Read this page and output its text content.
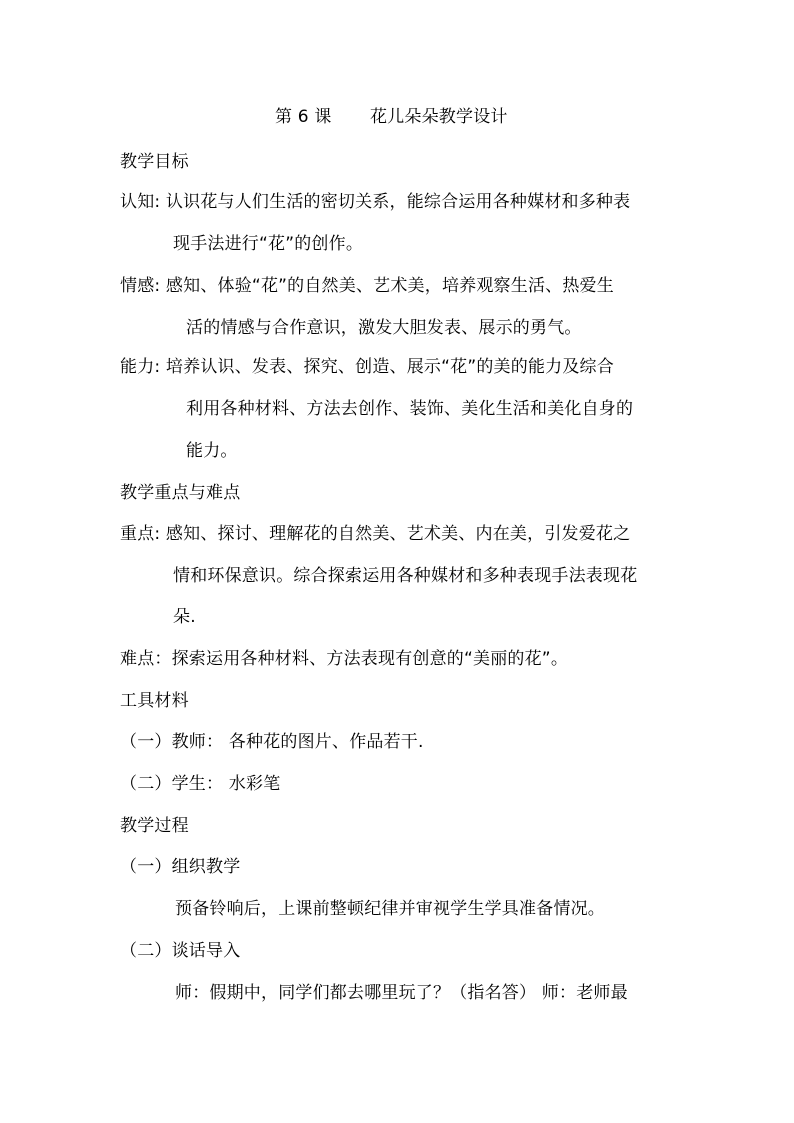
第 6 课 花儿朵朵教学设计
教学目标
认知: 认识花与人们生活的密切关系，能综合运用各种媒材和多种表
现手法进行“花”的创作。
情感: 感知、体验“花”的自然美、艺术美，培养观察生活、热爱生
活的情感与合作意识，激发大胆发表、展示的勇气。
能力: 培养认识、发表、探究、创造、展示“花”的美的能力及综合
利用各种材料、方法去创作、装饰、美化生活和美化自身的
能力。
教学重点与难点
重点: 感知、探讨、理解花的自然美、艺术美、内在美，引发爱花之
情和环保意识。综合探索运用各种媒材和多种表现手法表现花
朵.
难点：探索运用各种材料、方法表现有创意的“美丽的花”。
工具材料
（一）教师： 各种花的图片、作品若干.
（二）学生： 水彩笔
教学过程
（一）组织教学
预备铃响后，上课前整顿纪律并审视学生学具准备情况。
（二）谈话导入
师：假期中，同学们都去哪里玩了？（指名答） 师：老师最
